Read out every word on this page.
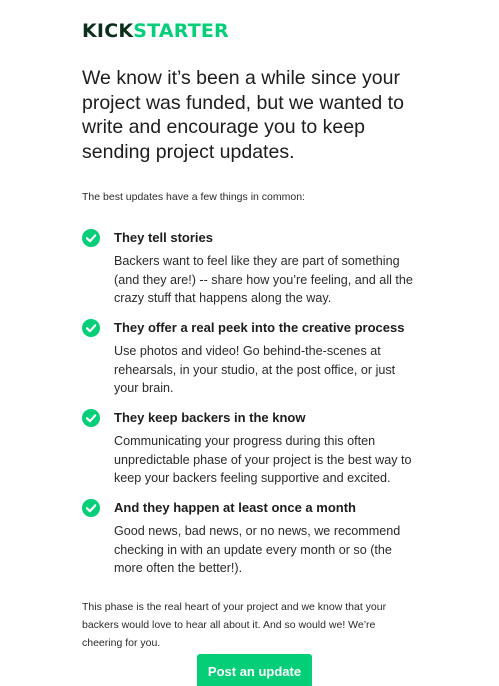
KICKSTARTER

We know it’s been a while since your project was funded, but we wanted to write and encourage you to keep sending project updates.

The best updates have a few things in common:

They tell stories

Backers want to feel like they are part of something (and they are!) -- share how you’re feeling, and all the crazy stuff that happens along the way.

They offer a real peek into the creative process

Use photos and video! Go behind-the-scenes at rehearsals, in your studio, at the post office, or just your brain.

They keep backers in the know

Communicating your progress during this often unpredictable phase of your project is the best way to keep your backers feeling supportive and excited.

And they happen at least once a month

Good news, bad news, or no news, we recommend checking in with an update every month or so (the more often the better!).

This phase is the real heart of your project and we know that your backers would love to hear all about it. And so would we! We’re cheering for you.

Post an update
